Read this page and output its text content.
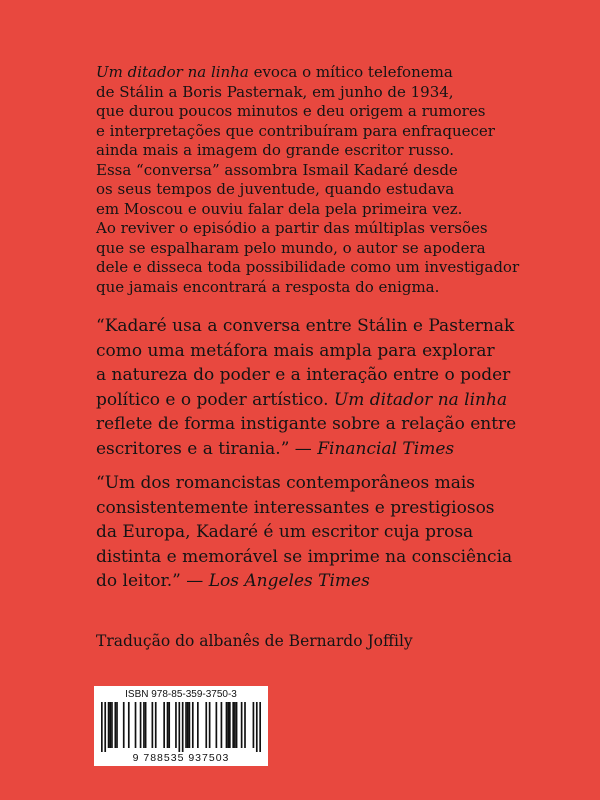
Um ditador na linha evoca o mítico telefonema
de Stálin a Boris Pasternak, em junho de 1934,
que durou poucos minutos e deu origem a rumores
e interpretações que contribuíram para enfraquecer
ainda mais a imagem do grande escritor russo.
Essa “conversa” assombra Ismail Kadaré desde
os seus tempos de juventude, quando estudava
em Moscou e ouviu falar dela pela primeira vez.
Ao reviver o episódio a partir das múltiplas versões
que se espalharam pelo mundo, o autor se apodera
dele e disseca toda possibilidade como um investigador
que jamais encontrará a resposta do enigma.

“Kadaré usa a conversa entre Stálin e Pasternak
como uma metáfora mais ampla para explorar
a natureza do poder e a interação entre o poder
político e o poder artístico. Um ditador na linha
reflete de forma instigante sobre a relação entre
escritores e a tirania.” — Financial Times

“Um dos romancistas contemporâneos mais
consistentemente interessantes e prestigiosos
da Europa, Kadaré é um escritor cuja prosa
distinta e memorável se imprime na consciência
do leitor.” — Los Angeles Times

Tradução do albanês de Bernardo Joffily

ISBN 978-85-359-3750-3
9 788535 937503
